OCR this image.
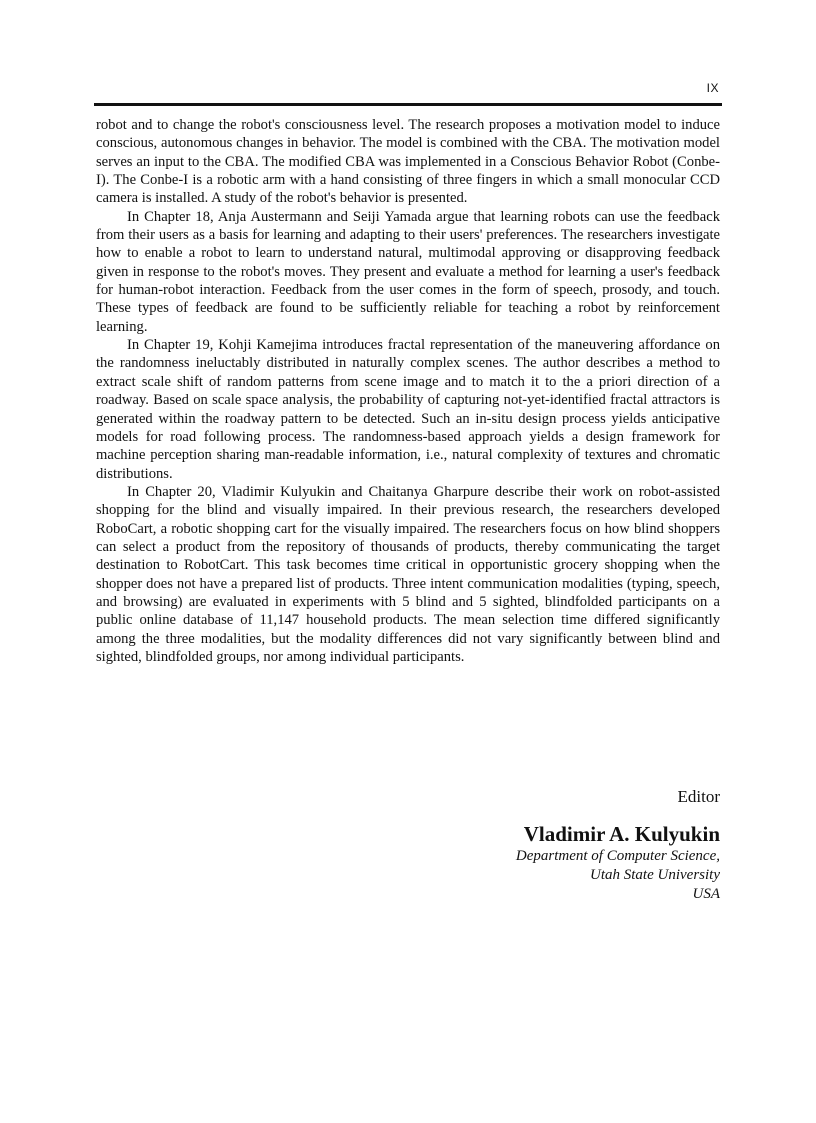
IX

robot and to change the robot's consciousness level. The research proposes a motivation model to induce conscious, autonomous changes in behavior. The model is combined with the CBA. The motivation model serves an input to the CBA. The modified CBA was implemented in a Conscious Behavior Robot (Conbe-I). The Conbe-I is a robotic arm with a hand consisting of three fingers in which a small monocular CCD camera is installed. A study of the robot's behavior is presented.

In Chapter 18, Anja Austermann and Seiji Yamada argue that learning robots can use the feedback from their users as a basis for learning and adapting to their users' preferences. The researchers investigate how to enable a robot to learn to understand natural, multimodal approving or disapproving feedback given in response to the robot's moves. They present and evaluate a method for learning a user's feedback for human-robot interaction. Feedback from the user comes in the form of speech, prosody, and touch. These types of feedback are found to be sufficiently reliable for teaching a robot by reinforcement learning.

In Chapter 19, Kohji Kamejima introduces fractal representation of the maneuvering affordance on the randomness ineluctably distributed in naturally complex scenes. The author describes a method to extract scale shift of random patterns from scene image and to match it to the a priori direction of a roadway. Based on scale space analysis, the probability of capturing not-yet-identified fractal attractors is generated within the roadway pattern to be detected. Such an in-situ design process yields anticipative models for road following process. The randomness-based approach yields a design framework for machine perception sharing man-readable information, i.e., natural complexity of textures and chromatic distributions.

In Chapter 20, Vladimir Kulyukin and Chaitanya Gharpure describe their work on robot-assisted shopping for the blind and visually impaired. In their previous research, the researchers developed RoboCart, a robotic shopping cart for the visually impaired. The researchers focus on how blind shoppers can select a product from the repository of thousands of products, thereby communicating the target destination to RobotCart. This task becomes time critical in opportunistic grocery shopping when the shopper does not have a prepared list of products. Three intent communication modalities (typing, speech, and browsing) are evaluated in experiments with 5 blind and 5 sighted, blindfolded participants on a public online database of 11,147 household products. The mean selection time differed significantly among the three modalities, but the modality differences did not vary significantly between blind and sighted, blindfolded groups, nor among individual participants.

Editor
Vladimir A. Kulyukin
Department of Computer Science,
Utah State University
USA
